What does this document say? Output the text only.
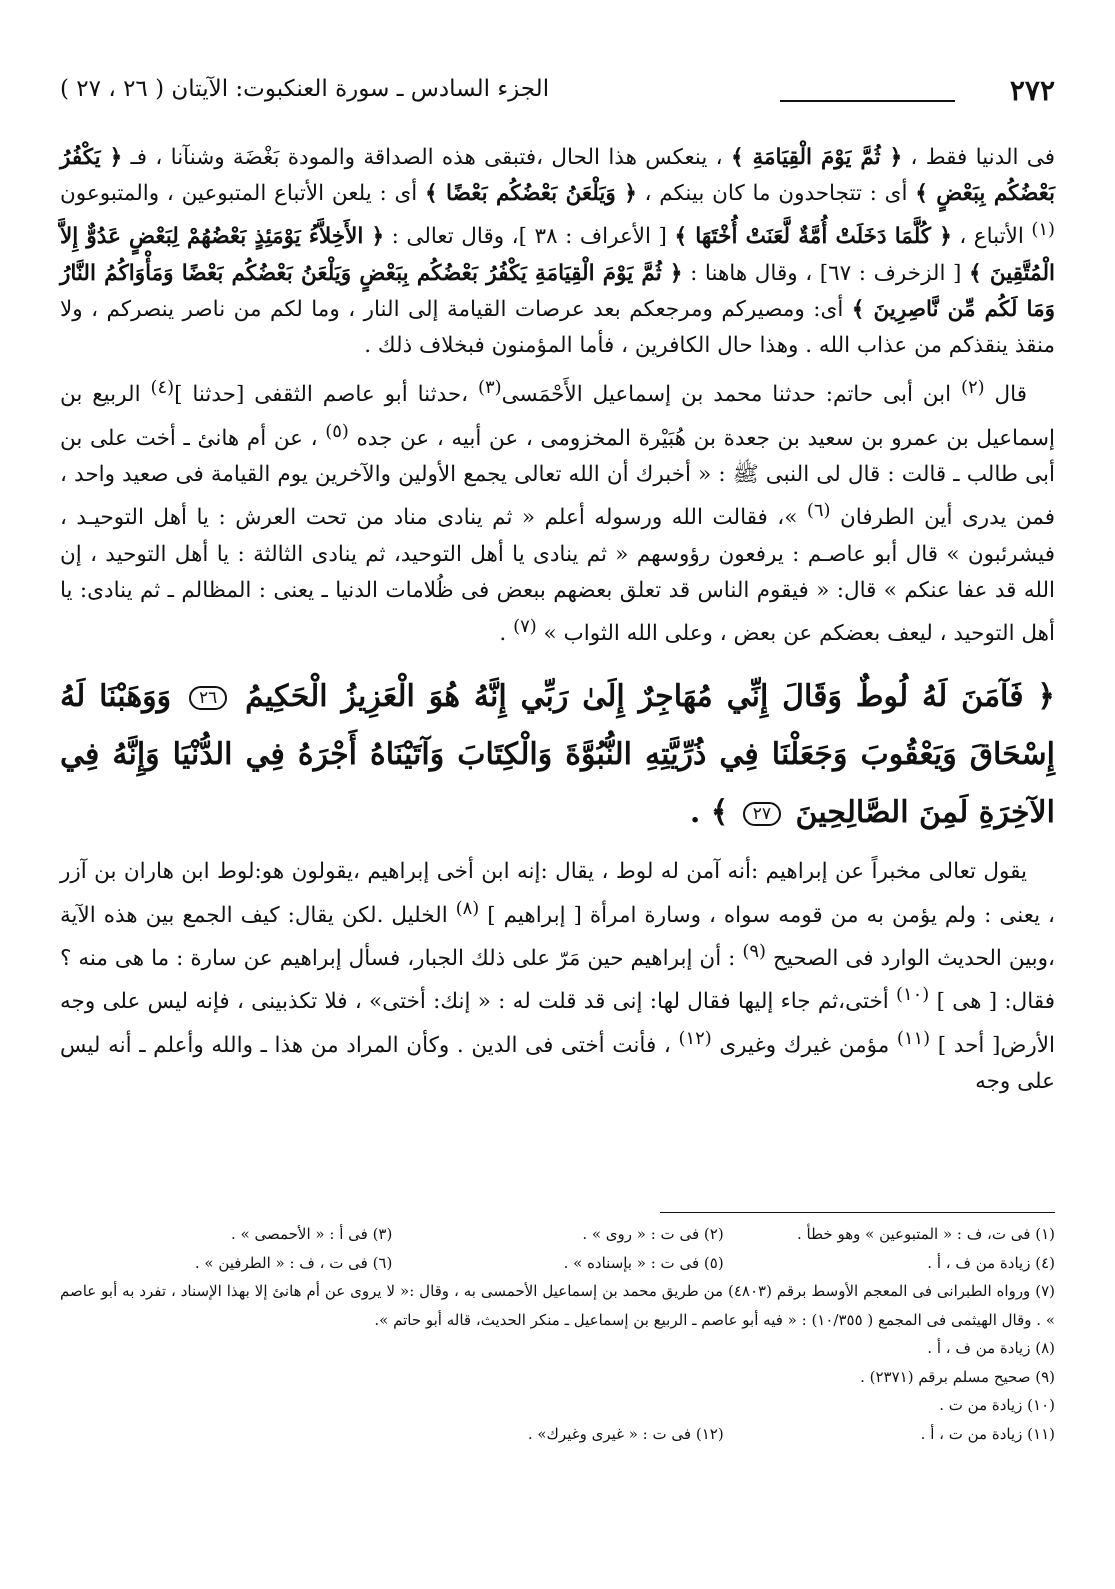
٢٧٢
الجزء السادس ـ سورة العنكبوت: الآيتان ( ٢٦ ، ٢٧ )

فى الدنيا فقط ، ﴿ ثُمَّ يَوْمَ الْقِيَامَةِ ﴾ ، ينعكس هذا الحال ،فتبقى هذه الصداقة والمودة بَغْضَة وشنآنا ، فـ ﴿ يَكْفُرُ بَعْضُكُم بِبَعْضٍ ﴾ أى : تتجاحدون ما كان بينكم ، ﴿ وَيَلْعَنُ بَعْضُكُم بَعْضًا ﴾ أى : يلعن الأتباع المتبوعين ، والمتبوعون $^{(١)}$ الأتباع ، ﴿ كُلَّمَا دَخَلَتْ أُمَّةٌ لَّعَنَتْ أُخْتَهَا ﴾ [ الأعراف : ٣٨ ]، وقال تعالى : ﴿ الأَخِلاَّءُ يَوْمَئِذٍ بَعْضُهُمْ لِبَعْضٍ عَدُوٌّ إِلاَّ الْمُتَّقِينَ ﴾ [ الزخرف : ٦٧] ، وقال هاهنا : ﴿ ثُمَّ يَوْمَ الْقِيَامَةِ يَكْفُرُ بَعْضُكُم بِبَعْضٍ وَيَلْعَنُ بَعْضُكُم بَعْضًا وَمَأْوَاكُمُ النَّارُ وَمَا لَكُم مِّن نَّاصِرِينَ ﴾ أى: ومصيركم ومرجعكم بعد عرصات القيامة إلى النار ، وما لكم من ناصر ينصركم ، ولا منقذ ينقذكم من عذاب الله . وهذا حال الكافرين ، فأما المؤمنون فبخلاف ذلك .

قال $^{(٢)}$ ابن أبى حاتم: حدثنا محمد بن إسماعيل الأَحْمَسى$^{(٣)}$ ،حدثنا أبو عاصم الثقفى [حدثنا ]$^{(٤)}$ الربيع بن إسماعيل بن عمرو بن سعيد بن جعدة بن هُبَيْرة المخزومى ، عن أبيه ، عن جده $^{(٥)}$ ، عن أم هانئ ـ أخت على بن أبى طالب ـ قالت : قال لى النبى ﷺ : « أخبرك أن الله تعالى يجمع الأولين والآخرين يوم القيامة فى صعيد واحد ، فمن يدرى أين الطرفان $^{(٦)}$ »، فقالت الله ورسوله أعلم « ثم ينادى مناد من تحت العرش : يا أهل التوحيـد ، فيشرئبون » قال أبو عاصـم : يرفعون رؤوسهم « ثم ينادى يا أهل التوحيد، ثم ينادى الثالثة : يا أهل التوحيد ، إن الله قد عفا عنكم » قال: « فيقوم الناس قد تعلق بعضهم ببعض فى ظُلامات الدنيا ـ يعنى : المظالم ـ ثم ينادى: يا أهل التوحيد ، ليعف بعضكم عن بعض ، وعلى الله الثواب » $^{(٧)}$ .

﴿ فَآمَنَ لَهُ لُوطٌ وَقَالَ إِنِّي مُهَاجِرٌ إِلَىٰ رَبِّي إِنَّهُ هُوَ الْعَزِيزُ الْحَكِيمُ ٢٦ وَوَهَبْنَا لَهُ إِسْحَاقَ وَيَعْقُوبَ وَجَعَلْنَا فِي ذُرِّيَّتِهِ النُّبُوَّةَ وَالْكِتَابَ وَآتَيْنَاهُ أَجْرَهُ فِي الدُّنْيَا وَإِنَّهُ فِي الآخِرَةِ لَمِنَ الصَّالِحِينَ ٢٧ ﴾ .

يقول تعالى مخبراً عن إبراهيم :أنه آمن له لوط ، يقال :إنه ابن أخى إبراهيم ،يقولون هو:لوط ابن هاران بن آزر ، يعنى : ولم يؤمن به من قومه سواه ، وسارة امرأة [ إبراهيم ] $^{(٨)}$ الخليل .لكن يقال: كيف الجمع بين هذه الآية ،وبين الحديث الوارد فى الصحيح $^{(٩)}$ : أن إبراهيم حين مَرّ على ذلك الجبار، فسأل إبراهيم عن سارة : ما هى منه ؟ فقال: [ هى ] $^{(١٠)}$ أختى،ثم جاء إليها فقال لها: إنى قد قلت له : « إنك: أختى» ، فلا تكذبينى ، فإنه ليس على وجه الأرض[ أحد ] $^{(١١)}$ مؤمن غيرك وغيرى $^{(١٢)}$ ، فأنت أختى فى الدين . وكأن المراد من هذا ـ والله وأعلم ـ أنه ليس على وجه

(١) فى ت، ف : « المتبوعين » وهو خطأ .
(٢) فى ت : « روى » .
(٣) فى أ : « الأحمصى » .
(٤) زيادة من ف ، أ .
(٥) فى ت : « بإسناده » .
(٦) فى ت ، ف : « الطرفين » .
(٧) ورواه الطبرانى فى المعجم الأوسط برقم (٤٨٠٣) من طريق محمد بن إسماعيل الأحمسى به ، وقال :« لا يروى عن أم هانئ إلا بهذا الإسناد ، تفرد به أبو عاصم » . وقال الهيثمى فى المجمع ( ١٠/٣٥٥) : « فيه أبو عاصم ـ الربيع بن إسماعيل ـ منكر الحديث، قاله أبو حاتم ».
(٨) زيادة من ف ، أ .
(٩) صحيح مسلم برقم (٢٣٧١) .
(١٠) زيادة من ت .
(١١) زيادة من ت ، أ .
(١٢) فى ت : « غيرى وغيرك» .
